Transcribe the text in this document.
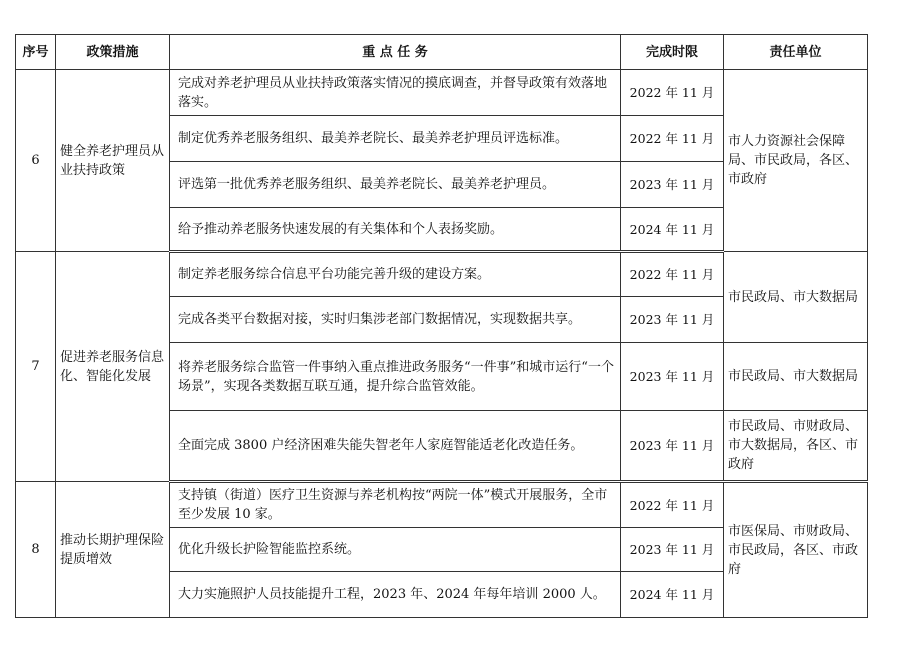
序号	政策措施	重 点 任 务	完成时限	责任单位
6	健全养老护理员从业扶持政策	完成对养老护理员从业扶持政策落实情况的摸底调查，并督导政策有效落地落实。	2022 年 11 月	市人力资源社会保障局、市民政局，各区、市政府
		制定优秀养老服务组织、最美养老院长、最美养老护理员评选标准。	2022 年 11 月	
		评选第一批优秀养老服务组织、最美养老院长、最美养老护理员。	2023 年 11 月	
		给予推动养老服务快速发展的有关集体和个人表扬奖励。	2024 年 11 月	
7	促进养老服务信息化、智能化发展	制定养老服务综合信息平台功能完善升级的建设方案。	2022 年 11 月	市民政局、市大数据局
		完成各类平台数据对接，实时归集涉老部门数据情况，实现数据共享。	2023 年 11 月	
		将养老服务综合监管一件事纳入重点推进政务服务“一件事”和城市运行“一个场景”，实现各类数据互联互通，提升综合监管效能。	2023 年 11 月	市民政局、市大数据局
		全面完成 3800 户经济困难失能失智老年人家庭智能适老化改造任务。	2023 年 11 月	市民政局、市财政局、市大数据局，各区、市政府
8	推动长期护理保险提质增效	支持镇（街道）医疗卫生资源与养老机构按“两院一体”模式开展服务，全市至少发展 10 家。	2022 年 11 月	市医保局、市财政局、市民政局，各区、市政府
		优化升级长护险智能监控系统。	2023 年 11 月	
		大力实施照护人员技能提升工程，2023 年、2024 年每年培训 2000 人。	2024 年 11 月	
